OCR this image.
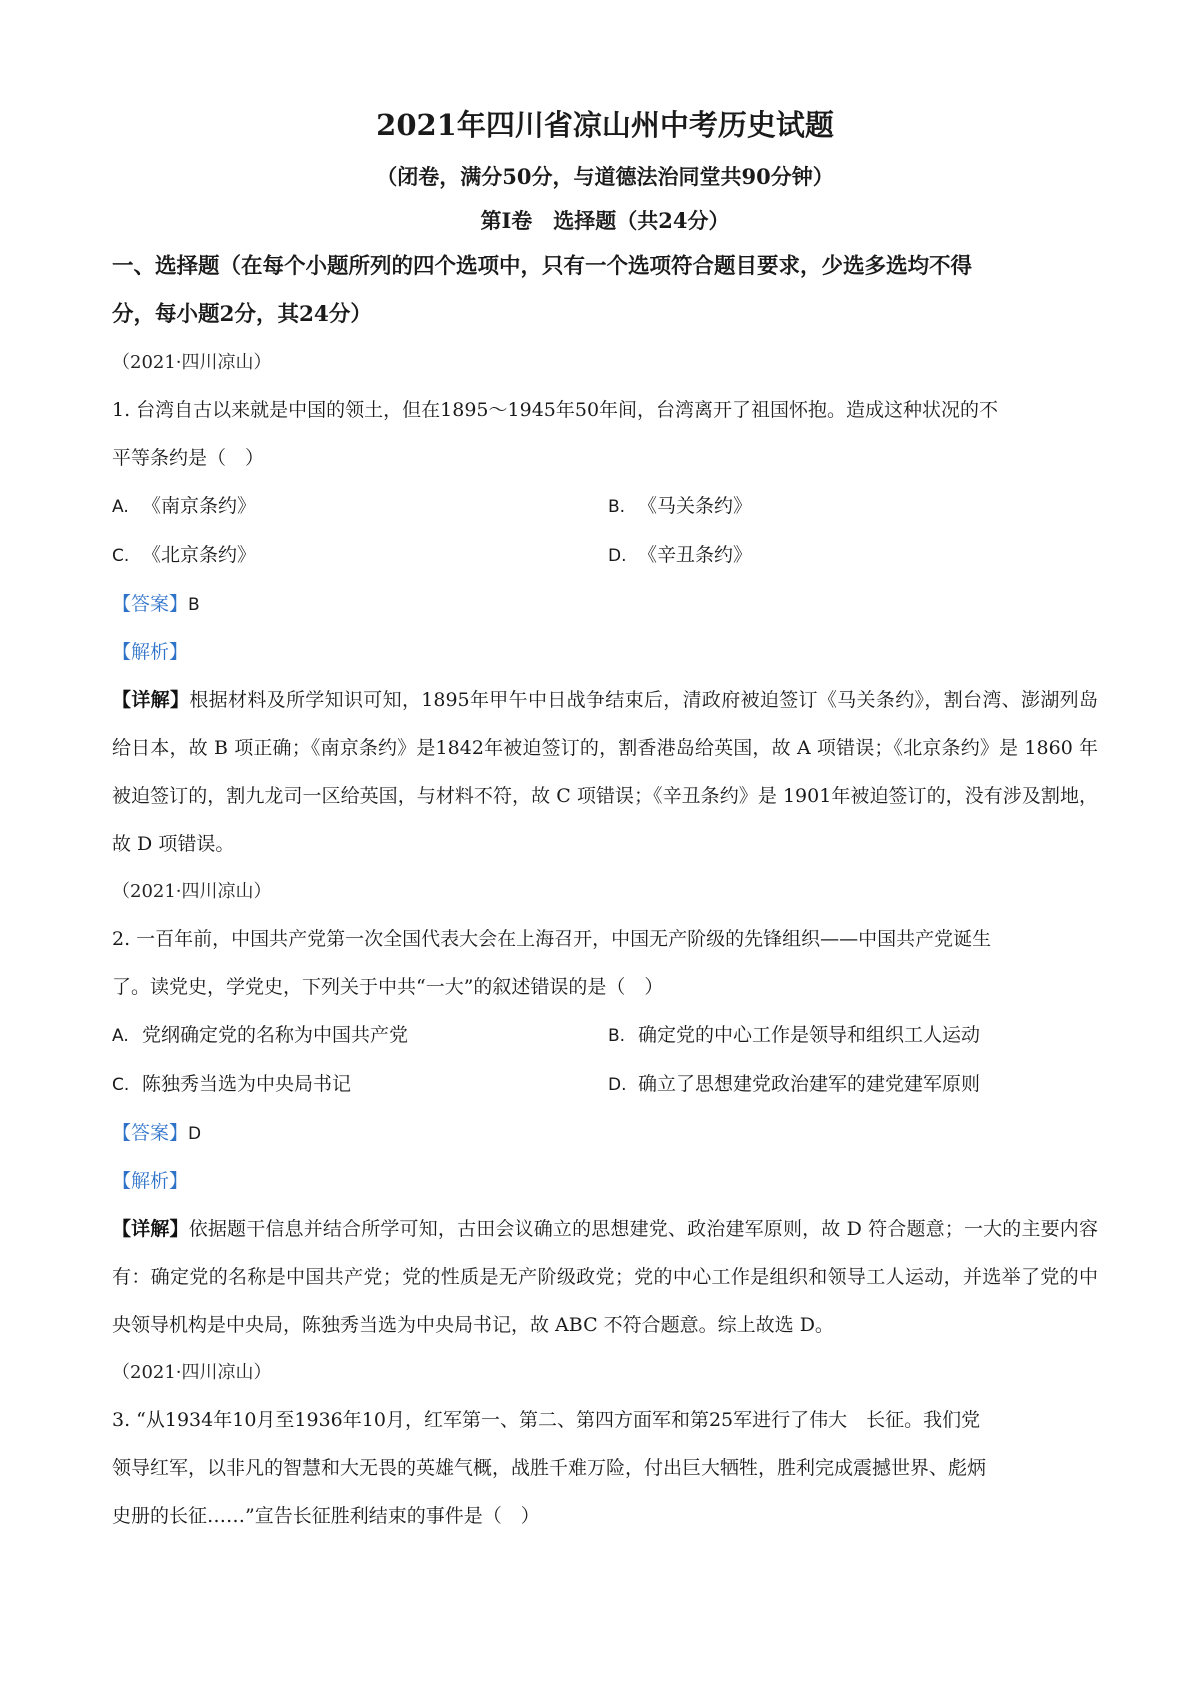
2021年四川省凉山州中考历史试题
（闭卷，满分50分，与道德法治同堂共90分钟）
第Ⅰ卷　选择题（共24分）
一、选择题（在每个小题所列的四个选项中，只有一个选项符合题目要求，少选多选均不得
分，每小题2分，其24分）
（2021·四川凉山）
1. 台湾自古以来就是中国的领土，但在1895～1945年50年间，台湾离开了祖国怀抱。造成这种状况的不
平等条约是（　）
A. 《南京条约》	B. 《马关条约》
C. 《北京条约》	D. 《辛丑条约》
【答案】B
【解析】
【详解】根据材料及所学知识可知，1895年甲午中日战争结束后，清政府被迫签订《马关条约》，割台湾、澎湖列岛给日本，故 B 项正确；《南京条约》是1842年被迫签订的，割香港岛给英国，故 A 项错误；《北京条约》是 1860 年被迫签订的，割九龙司一区给英国，与材料不符，故 C 项错误；《辛丑条约》是 1901年被迫签订的，没有涉及割地，故 D 项错误。
（2021·四川凉山）
2. 一百年前，中国共产党第一次全国代表大会在上海召开，中国无产阶级的先锋组织——中国共产党诞生
了。读党史，学党史，下列关于中共“一大”的叙述错误的是（　）
A. 党纲确定党的名称为中国共产党	B. 确定党的中心工作是领导和组织工人运动
C. 陈独秀当选为中央局书记	D. 确立了思想建党政治建军的建党建军原则
【答案】D
【解析】
【详解】依据题干信息并结合所学可知，古田会议确立的思想建党、政治建军原则，故 D 符合题意；一大的主要内容有：确定党的名称是中国共产党；党的性质是无产阶级政党；党的中心工作是组织和领导工人运动，并选举了党的中央领导机构是中央局，陈独秀当选为中央局书记，故 ABC 不符合题意。综上故选 D。
（2021·四川凉山）
3. “从1934年10月至1936年10月，红军第一、第二、第四方面军和第25军进行了伟大　长征。我们党
领导红军，以非凡的智慧和大无畏的英雄气概，战胜千难万险，付出巨大牺牲，胜利完成震撼世界、彪炳
史册的长征……”宣告长征胜利结束的事件是（　）
